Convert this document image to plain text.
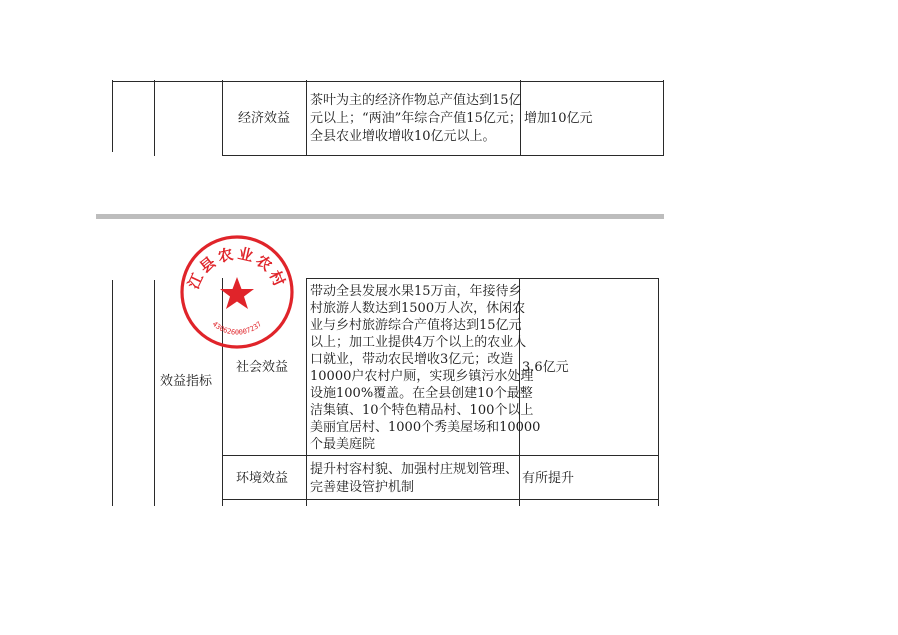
经济效益
茶叶为主的经济作物总产值达到15亿
元以上；“两油”年综合产值15亿元；
全县农业增收增收10亿元以上。
增加10亿元
效益指标
社会效益
带动全县发展水果15万亩，年接待乡
村旅游人数达到1500万人次，休闲农
业与乡村旅游综合产值将达到15亿元
以上；加工业提供4万个以上的农业人
口就业，带动农民增收3亿元；改造
10000户农村户厕，实现乡镇污水处理
设施100%覆盖。在全县创建10个最整
洁集镇、10个特色精品村、100个以上
美丽宜居村、1000个秀美屋场和10000
个最美庭院
3.6亿元
环境效益
提升村容村貌、加强村庄规划管理、
完善建设管护机制
有所提升
江县农业农村
4306260007237
